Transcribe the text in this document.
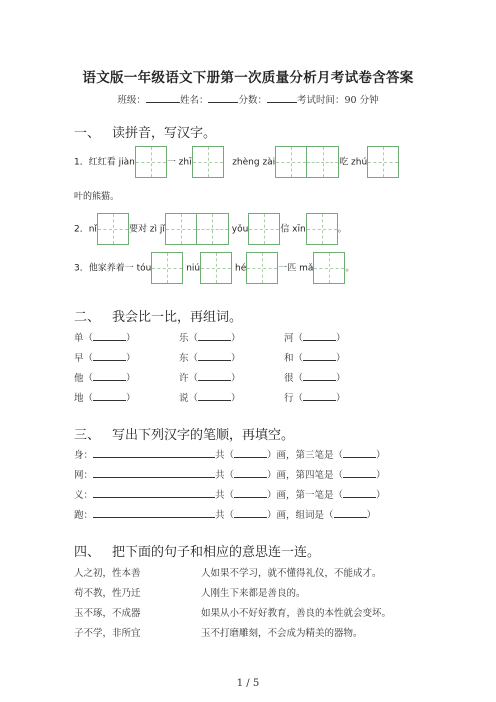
语文版一年级语文下册第一次质量分析月考试卷含答案
班级：	姓名：	分数：	考试时间：90 分钟
一、 读拼音，写汉字。
1．红红看 jiàn	一 zhī	zhèng zài	吃 zhú
叶的熊猫。
2．nǐ	要对 zì jǐ	yǒu	信 xīn	。
3．他家养着一 tóu	niú	hé	一匹 mǎ	。
二、 我会比一比，再组词。
单（	）	乐（	）	河（	）
早（	）	东（	）	和（	）
他（	）	许（	）	很（	）
地（	）	说（	）	行（	）
三、 写出下列汉字的笔顺，再填空。
身：	共（	）画，第三笔是（	）
网：	共（	）画，第四笔是（	）
义：	共（	）画，第一笔是（	）
跑：	共（	）画，组词是（	）
四、 把下面的句子和相应的意思连一连。
人之初，性本善	人如果不学习，就不懂得礼仪，不能成才。
苟不教，性乃迁	人刚生下来都是善良的。
玉不琢，不成器	如果从小不好好教育，善良的本性就会变坏。
子不学，非所宜	玉不打磨雕刻，不会成为精美的器物。
1 / 5
